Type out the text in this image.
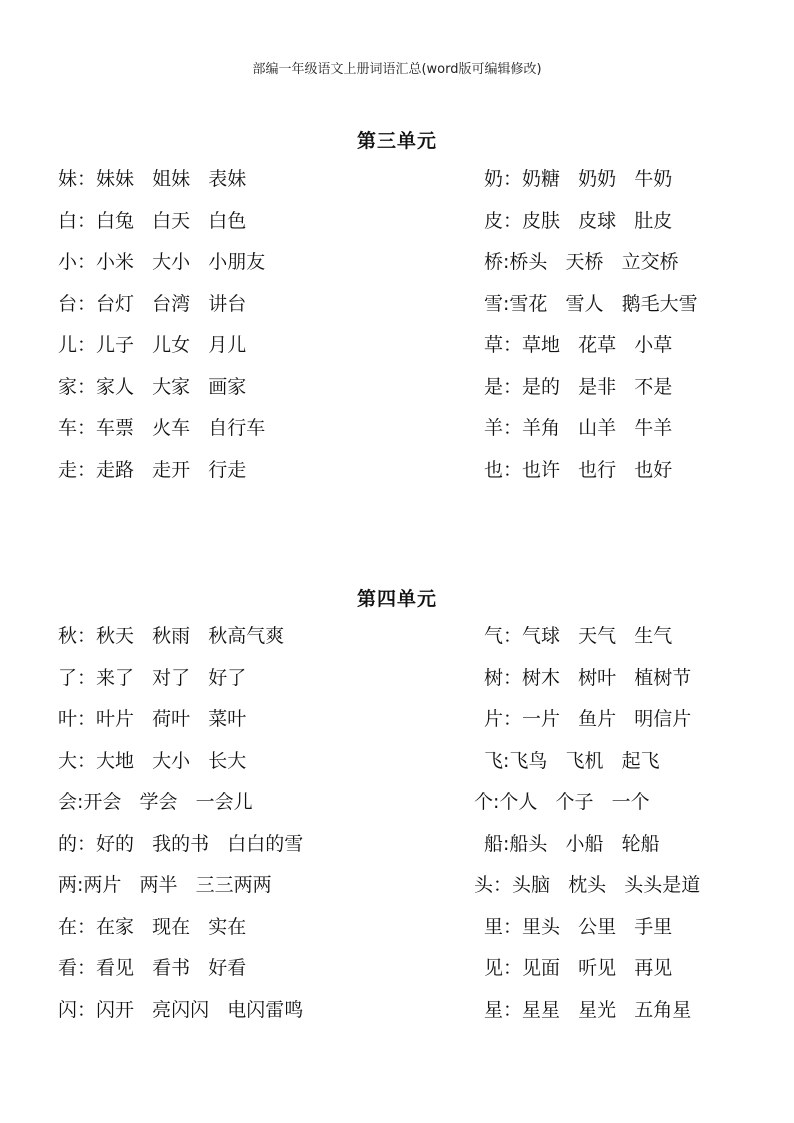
部编一年级语文上册词语汇总(word版可编辑修改)
第三单元
妹：妹妹   姐妹   表妹
白：白兔   白天   白色
小：小米   大小   小朋友
台：台灯   台湾   讲台
儿：儿子   儿女   月儿
家：家人   大家   画家
车：车票   火车   自行车
走：走路   走开   行走
奶：奶糖   奶奶   牛奶
皮：皮肤   皮球   肚皮
桥:桥头   天桥   立交桥
雪:雪花   雪人   鹅毛大雪
草：草地   花草   小草
是：是的   是非   不是
羊：羊角   山羊   牛羊
也：也许   也行   也好
第四单元
秋：秋天   秋雨   秋高气爽
了：来了   对了   好了
叶：叶片   荷叶   菜叶
大：大地   大小   长大
会:开会   学会   一会儿
的：好的   我的书   白白的雪
两:两片   两半   三三两两
在：在家   现在   实在
看：看见   看书   好看
闪：闪开   亮闪闪   电闪雷鸣
气：气球   天气   生气
树：树木   树叶   植树节
片：一片   鱼片   明信片
飞:飞鸟   飞机   起飞
个:个人   个子   一个
船:船头   小船   轮船
头：头脑   枕头   头头是道
里：里头   公里   手里
见：见面   听见   再见
星：星星   星光   五角星
